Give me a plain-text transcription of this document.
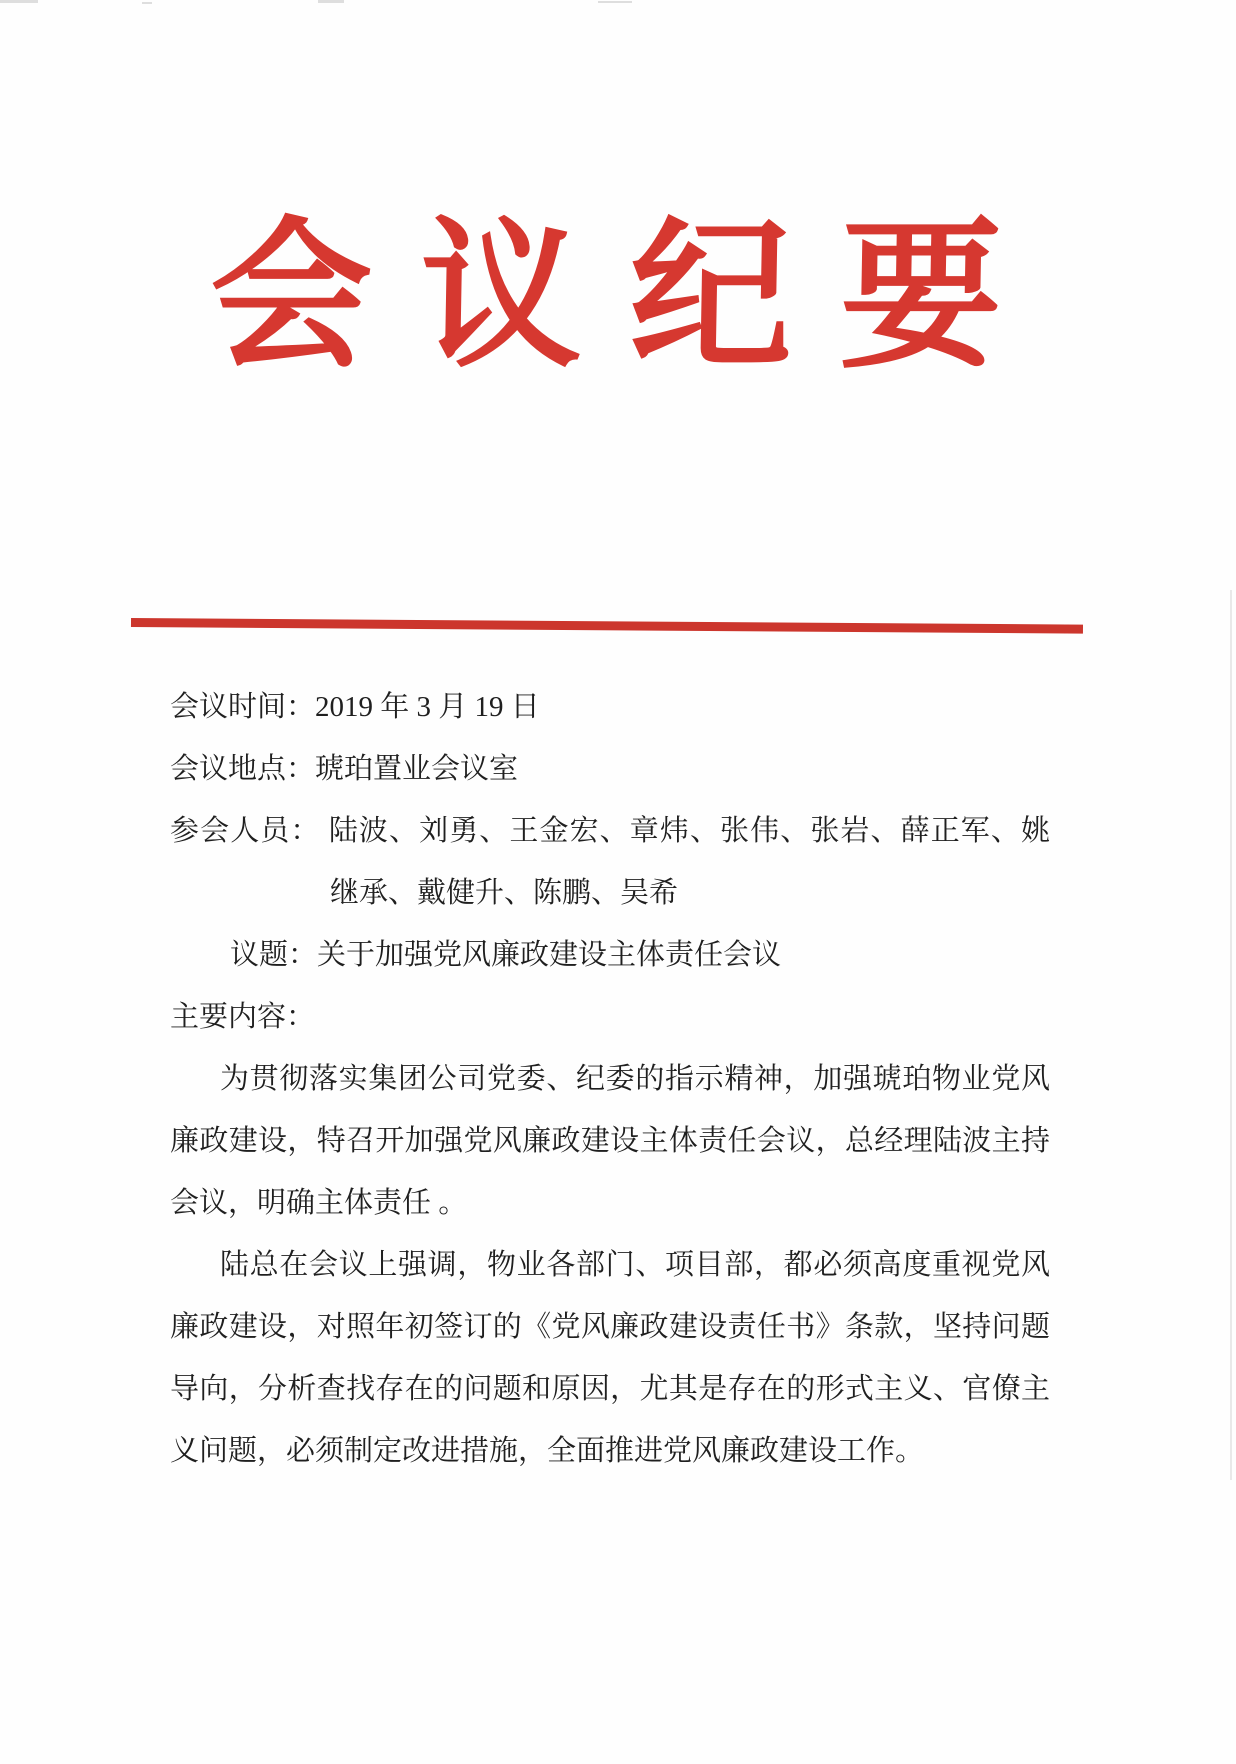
会议纪要
会议时间：2019 年 3 月 19 日
会议地点：琥珀置业会议室
参会人员： 陆波、刘勇、王金宏、章炜、张伟、张岩、薛正军、姚
继承、戴健升、陈鹏、吴希
议题：关于加强党风廉政建设主体责任会议
主要内容：
为贯彻落实集团公司党委、纪委的指示精神，加强琥珀物业党风
廉政建设，特召开加强党风廉政建设主体责任会议，总经理陆波主持
会议，明确主体责任 。
陆总在会议上强调，物业各部门、项目部，都必须高度重视党风
廉政建设，对照年初签订的《党风廉政建设责任书》条款，坚持问题
导向，分析查找存在的问题和原因，尤其是存在的形式主义、官僚主
义问题，必须制定改进措施，全面推进党风廉政建设工作。
